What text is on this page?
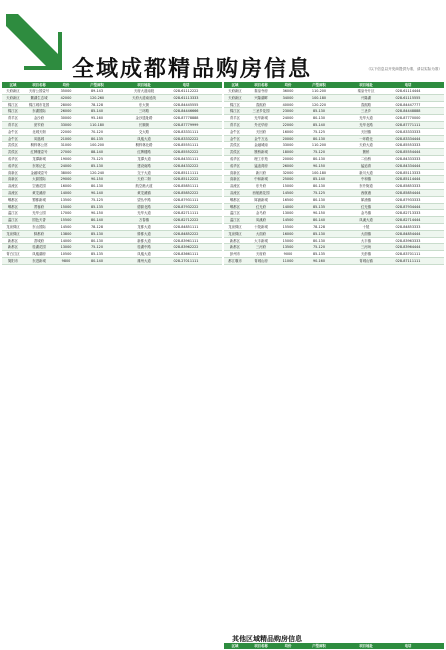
全域成都精品购房信息	（以下信息以开发商提供为准，请以实际为准）
区域	项目名称	均价	户型面积	项目地址	电话
天府新区	天府公园壹号	35000	89-143	天府大道南段	028-61112222
天府新区	麓湖生态城	42000	120-260	天府大道南延线	028-61113333
锦江区	锦江城市花园	28000	78-128	东大街	028-84445555
锦江区	东湖国际	26000	85-140	三环路	028-84446666
青羊区	金沙府	30000	95-160	金沙遗址路	028-87778888
青羊区	宽窄府	33000	110-180	长顺街	028-87779999
金牛区	北城天街	22000	70-120	交大路	028-83331111
金牛区	凤凰城	21000	80-135	凤凰大道	028-83332222
武侯区	桐梓林公馆	31000	100-200	桐梓林北路	028-85551111
武侯区	红牌楼壹号	27000	88-140	红牌楼路	028-85552222
成华区	龙潭新城	19000	75-125	龙潭大道	028-84331111
成华区	东郊记忆	24000	85-130	建设南路	028-84332222
高新区	金融城壹号	38000	120-240	交子大道	028-85111111
高新区	大源国际	29000	90-150	天府二街	028-85112222
双流区	空港花园	16000	80-130	航空港大道	028-85851111
双流区	黄龙溪府	14000	90-140	黄龙溪镇	028-85852222
郫都区	蜀都新城	13500	75-125	望丛中路	028-87931111
郫都区	菁蓉府	15000	85-135	德源北路	028-87932222
温江区	光华公园	17000	90-150	光华大道	028-82711111
温江区	国色天香	15500	80-140	万春镇	028-82712222
龙泉驿区	东山国际	14500	78-128	龙都大道	028-84851111
龙泉驿区	驿都府	13800	85-130	驿都大道	028-84852222
新都区	香城府	14000	80-130	新都大道	028-83961111
新都区	桂湖花园	13000	75-120	桂湖中路	028-83962222
青白江区	凤凰湖府	10500	85-135	凤凰大道	028-83661111
简阳市	东进新城	9800	80-140	雄州大道	028-27011111
区域	项目名称	均价	户型面积	项目地址	电话
天府新区	秦皇寺府	36000	110-200	秦皇寺片区	028-61114444
天府新区	兴隆湖畔	34000	100-180	兴隆湖	028-61115555
锦江区	春熙府	40000	120-220	春熙路	028-84447777
锦江区	三圣乡花园	23000	85-130	三圣乡	028-84448888
青羊区	光华新城	24000	80-130	光华大道	028-87770000
青羊区	外光华府	22000	85-140	光华北路	028-87771111
金牛区	天回府	16000	75-125	天回镇	028-83333333
金牛区	金牛万达	20000	80-130	一环路北	028-83334444
武侯区	金融城南	33000	110-200	天府大道	028-85553333
武侯区	簇桥新城	18000	75-120	簇桥	028-85554444
成华区	理工东苑	20000	80-130	二仙桥	028-84333333
成华区	猛追湾府	26000	90-150	猛追湾	028-84334444
高新区	新川府	32000	100-180	新川大道	028-85113333
高新区	中和新城	25000	85-140	中和镇	028-85114444
双流区	东升府	15000	80-130	东升街道	028-85853333
双流区	西航港花园	14500	75-125	西航港	028-85854444
郫都区	犀浦新城	16500	80-130	犀浦镇	028-87933333
郫都区	红光府	14000	85-135	红光镇	028-87934444
温江区	金马府	13000	90-150	金马镇	028-82713333
温江区	凤溪府	14500	80-140	凤溪大道	028-82714444
龙泉驿区	十陵新城	15500	78-128	十陵	028-84853333
龙泉驿区	大面府	16000	85-130	大面镇	028-84854444
新都区	大丰新城	15000	80-130	大丰镇	028-83963333
新都区	三河府	13500	75-120	三河场	028-83964444
彭州市	天府府	9000	85-135	天彭镇	028-83701111
都江堰市	青城山府	11000	90-160	青城山镇	028-87111111
其他区域精品购房信息
区域	项目名称	均价	户型面积	项目地址	电话
